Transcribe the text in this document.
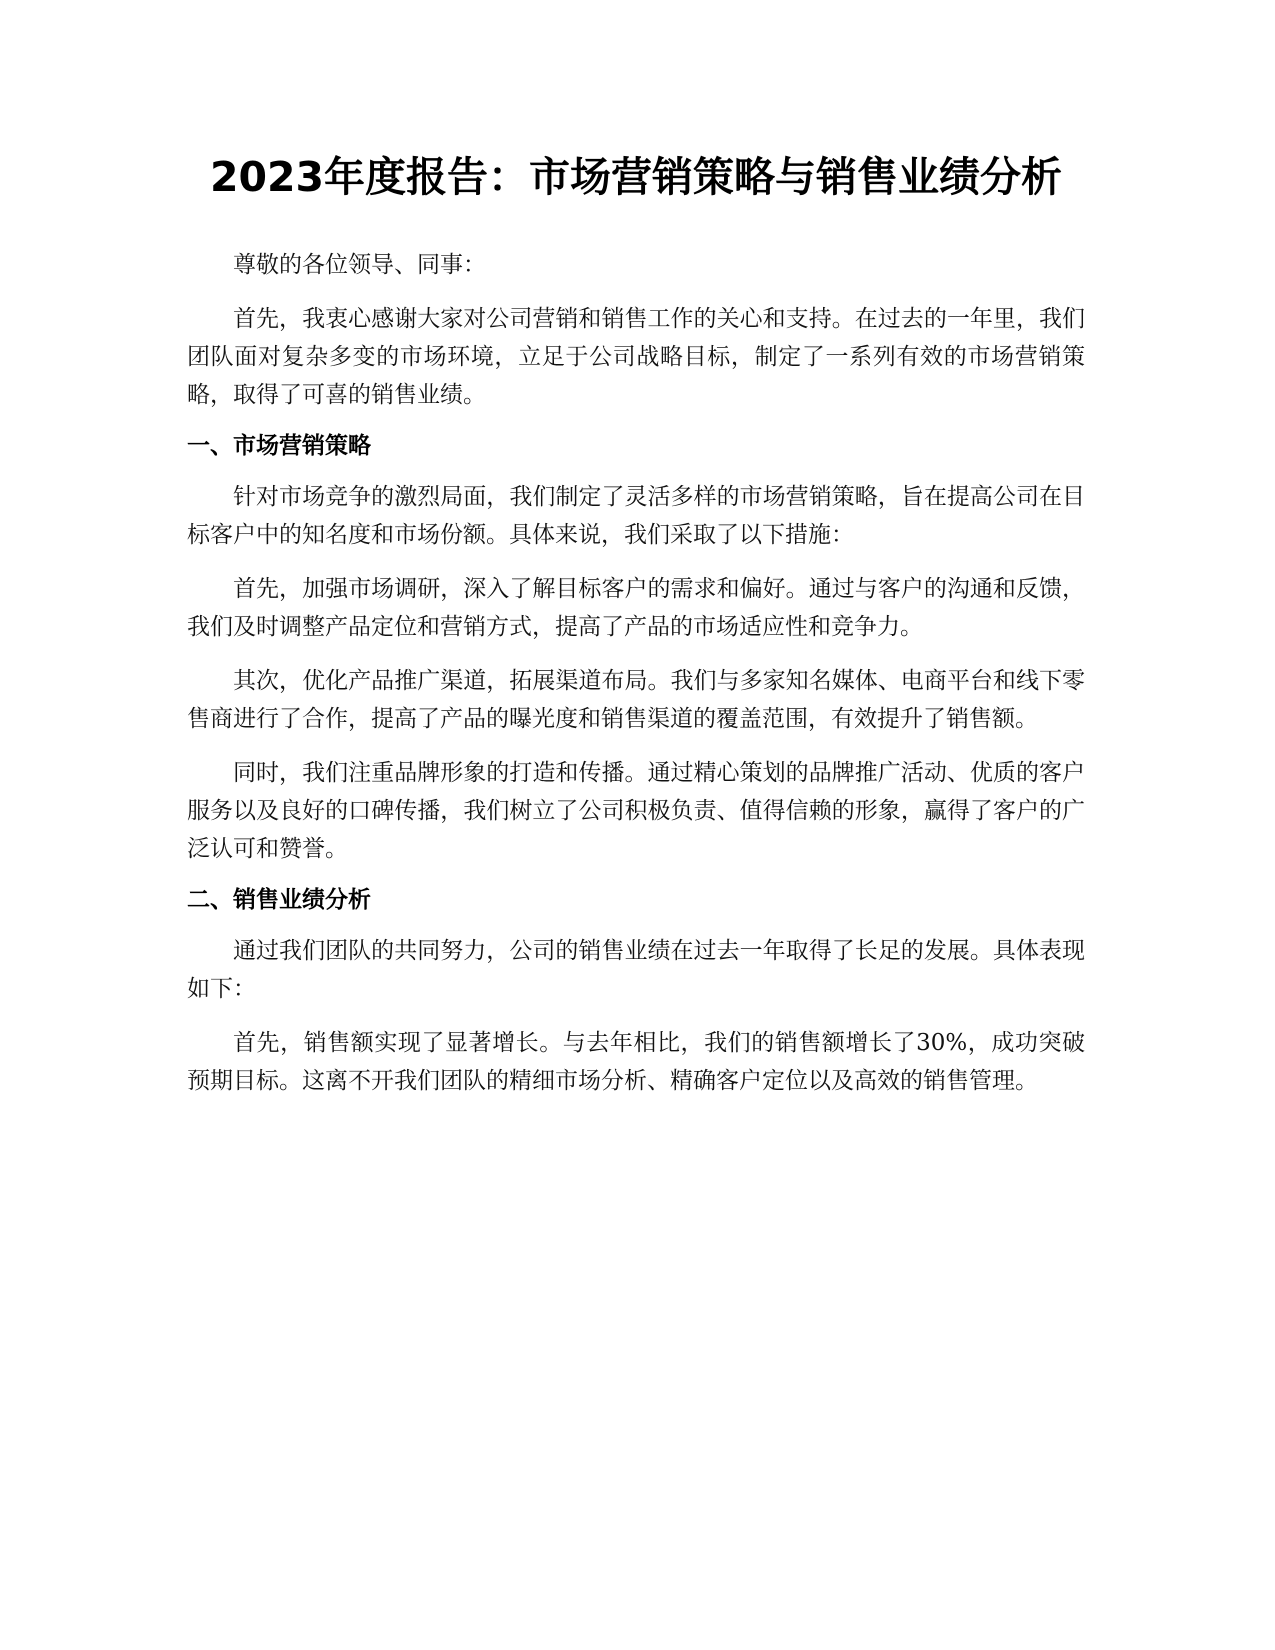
2023年度报告：市场营销策略与销售业绩分析

尊敬的各位领导、同事：

首先，我衷心感谢大家对公司营销和销售工作的关心和支持。在过去的一年里，我们团队面对复杂多变的市场环境，立足于公司战略目标，制定了一系列有效的市场营销策略，取得了可喜的销售业绩。

一、市场营销策略

针对市场竞争的激烈局面，我们制定了灵活多样的市场营销策略，旨在提高公司在目标客户中的知名度和市场份额。具体来说，我们采取了以下措施：

首先，加强市场调研，深入了解目标客户的需求和偏好。通过与客户的沟通和反馈，我们及时调整产品定位和营销方式，提高了产品的市场适应性和竞争力。

其次，优化产品推广渠道，拓展渠道布局。我们与多家知名媒体、电商平台和线下零售商进行了合作，提高了产品的曝光度和销售渠道的覆盖范围，有效提升了销售额。

同时，我们注重品牌形象的打造和传播。通过精心策划的品牌推广活动、优质的客户服务以及良好的口碑传播，我们树立了公司积极负责、值得信赖的形象，赢得了客户的广泛认可和赞誉。

二、销售业绩分析

通过我们团队的共同努力，公司的销售业绩在过去一年取得了长足的发展。具体表现如下：

首先，销售额实现了显著增长。与去年相比，我们的销售额增长了30%，成功突破预期目标。这离不开我们团队的精细市场分析、精确客户定位以及高效的销售管理。
